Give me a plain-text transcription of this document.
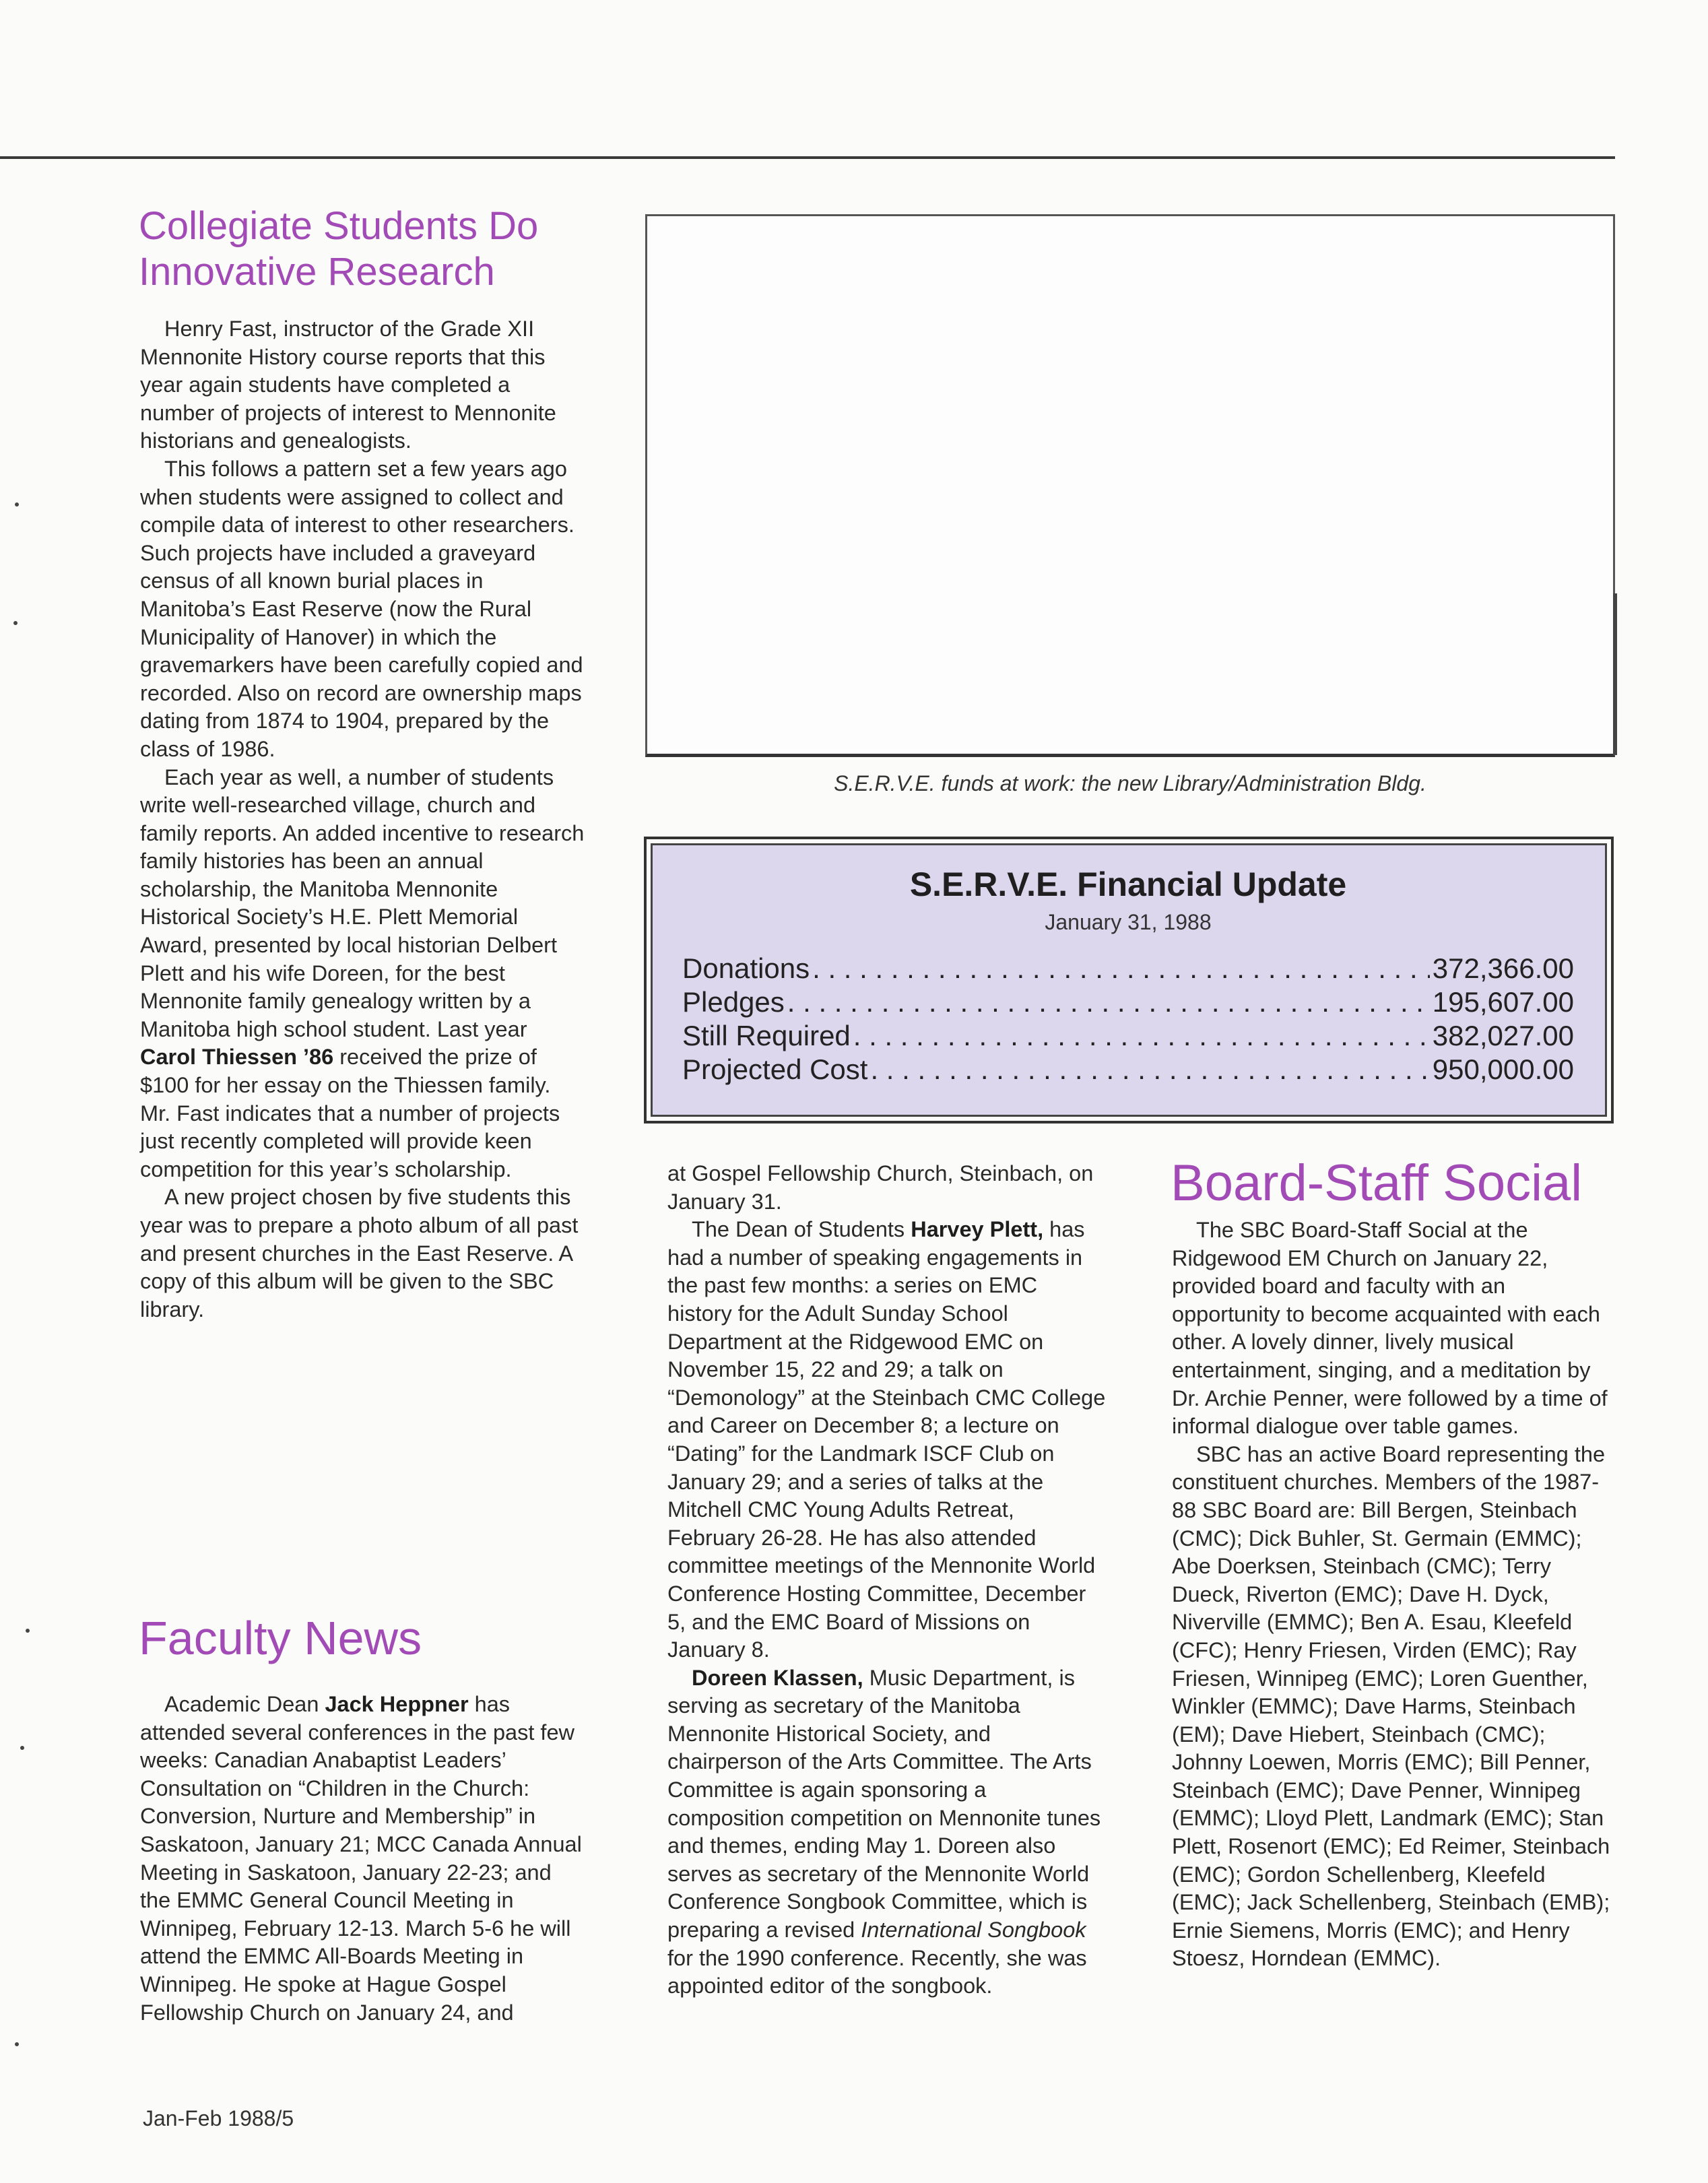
Collegiate Students Do Innovative Research

Henry Fast, instructor of the Grade XII Mennonite History course reports that this year again students have completed a number of projects of interest to Mennonite historians and genealogists.

This follows a pattern set a few years ago when students were assigned to collect and compile data of interest to other researchers. Such projects have included a graveyard census of all known burial places in Manitoba’s East Reserve (now the Rural Municipality of Hanover) in which the gravemarkers have been carefully copied and recorded. Also on record are ownership maps dating from 1874 to 1904, prepared by the class of 1986.

Each year as well, a number of students write well-researched village, church and family reports. An added incentive to research family histories has been an annual scholarship, the Manitoba Mennonite Historical Society’s H.E. Plett Memorial Award, presented by local historian Delbert Plett and his wife Doreen, for the best Mennonite family genealogy written by a Manitoba high school student. Last year Carol Thiessen ’86 received the prize of $100 for her essay on the Thiessen family. Mr. Fast indicates that a number of projects just recently completed will provide keen competition for this year’s scholarship.

A new project chosen by five students this year was to prepare a photo album of all past and present churches in the East Reserve. A copy of this album will be given to the SBC library.

Faculty News

Academic Dean Jack Heppner has attended several conferences in the past few weeks: Canadian Anabaptist Leaders’ Consultation on “Children in the Church: Conversion, Nurture and Membership” in Saskatoon, January 21; MCC Canada Annual Meeting in Saskatoon, January 22-23; and the EMMC General Council Meeting in Winnipeg, February 12-13. March 5-6 he will attend the EMMC All-Boards Meeting in Winnipeg. He spoke at Hague Gospel Fellowship Church on January 24, and

at Gospel Fellowship Church, Steinbach, on January 31.

The Dean of Students Harvey Plett, has had a number of speaking engagements in the past few months: a series on EMC history for the Adult Sunday School Department at the Ridgewood EMC on November 15, 22 and 29; a talk on “Demonology” at the Steinbach CMC College and Career on December 8; a lecture on “Dating” for the Landmark ISCF Club on January 29; and a series of talks at the Mitchell CMC Young Adults Retreat, February 26-28. He has also attended committee meetings of the Mennonite World Conference Hosting Committee, December 5, and the EMC Board of Missions on January 8.

Doreen Klassen, Music Department, is serving as secretary of the Manitoba Mennonite Historical Society, and chairperson of the Arts Committee. The Arts Committee is again sponsoring a composition competition on Mennonite tunes and themes, ending May 1. Doreen also serves as secretary of the Mennonite World Conference Songbook Committee, which is preparing a revised International Songbook for the 1990 conference. Recently, she was appointed editor of the songbook.

S.E.R.V.E. funds at work: the new Library/Administration Bldg.
S.E.R.V.E. Financial Update
January 31, 1988
Donations . . .	372,366.00
Pledges . . .	195,607.00
Still Required . . .	382,027.00
Projected Cost . . .	950,000.00
Board-Staff Social

The SBC Board-Staff Social at the Ridgewood EM Church on January 22, provided board and faculty with an opportunity to become acquainted with each other. A lovely dinner, lively musical entertainment, singing, and a meditation by Dr. Archie Penner, were followed by a time of informal dialogue over table games.

SBC has an active Board representing the constituent churches. Members of the 1987-88 SBC Board are: Bill Bergen, Steinbach (CMC); Dick Buhler, St. Germain (EMMC); Abe Doerksen, Steinbach (CMC); Terry Dueck, Riverton (EMC); Dave H. Dyck, Niverville (EMMC); Ben A. Esau, Kleefeld (CFC); Henry Friesen, Virden (EMC); Ray Friesen, Winnipeg (EMC); Loren Guenther, Winkler (EMMC); Dave Harms, Steinbach (EM); Dave Hiebert, Steinbach (CMC); Johnny Loewen, Morris (EMC); Bill Penner, Steinbach (EMC); Dave Penner, Winnipeg (EMMC); Lloyd Plett, Landmark (EMC); Stan Plett, Rosenort (EMC); Ed Reimer, Steinbach (EMC); Gordon Schellenberg, Kleefeld (EMC); Jack Schellenberg, Steinbach (EMB); Ernie Siemens, Morris (EMC); and Henry Stoesz, Horndean (EMMC).

Jan-Feb 1988/5
